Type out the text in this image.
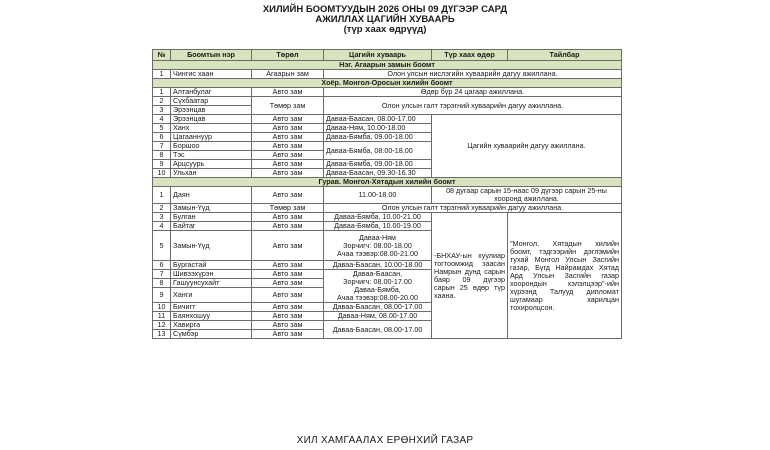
ХИЛИЙН БООМТУУДЫН 2026 ОНЫ 09 ДҮГЭЭР САРД
АЖИЛЛАХ ЦАГИЙН ХУВААРЬ
(түр хаах өдрүүд)
№	Боомтын нэр	Төрөл	Цагийн хуваарь	Түр хаах өдөр	Тайлбар
Нэг. Агаарын замын боомт					
1	Чингис хаан	Агаарын зам	Олон улсын нислэгийн хуваарийн дагуу ажиллана.		
Хоёр. Монгол-Оросын хилийн боомт					
1	Алтанбулаг	Авто зам	Өдөр бүр 24 цагаар ажиллана.		
2	Сүхбаатар	Төмөр зам	Олон улсын галт тэрэгний хуваарийн дагуу ажиллана.		
3	Эрээнцав				
4	Эрээнцав	Авто зам	Даваа-Баасан, 08.00-17.00	Цагийн хуваарийн дагуу ажиллана.	
5	Ханх	Авто зам	Даваа-Ням, 10.00-18.00		
6	Цагааннуур	Авто зам	Даваа-Бямба, 09.00-18.00		
7	Боршоо	Авто зам	Даваа-Бямба, 08.00-18.00		
8	Тэс	Авто зам			
9	Арцсуурь	Авто зам	Даваа-Бямба, 09.00-18.00		
10	Ульхан	Авто зам	Даваа-Баасан, 09.30-16.30		
Гурав. Монгол-Хятадын хилийн боомт					
1	Даян	Авто зам	11.00-18.00	08 дугаар сарын 15-наас 09 дүгээр сарын 25-ны хооронд ажиллана.	
2	Замын-Үүд	Төмөр зам	Олон улсын галт тэрэгний хуваарийн дагуу ажиллана.		
3	Булган	Авто зам	Даваа-Бямба, 10.00-21.00	-БНХАУ-ын хуулиар тогтоомжид заасан Намрын дунд сарын баяр 09 дүгээр сарын 25 өдөр түр хаана.	"Монгол, Хятадын хилийн боомт, тэдгээрийн дэглэмийн тухай Монгол Улсын Засгийн газар, Бүгд Найрамдах Хятад Ард Улсын Засгийн газар хоорондын хэлэлцээр"-ийн хүрээнд Талууд дипломат шугамаар харилцан тохиролцсон.
4	Байтаг	Авто зам	Даваа-Бямба, 10.00-19.00		
5	Замын-Үүд	Авто зам	Даваа-Ням
Зорчигч: 08.00-18.00
Ачаа тээвэр:08.00-21.00		

6	Бургастай	Авто зам	Даваа-Баасан, 10.00-18.00		
7	Шивээхүрэн	Авто зам	Даваа-Баасан,
Зорчигч: 08.00-17.00
Даваа-Бямба,
Ачаа тээвэр:08.00-20.00		

8	Гашуунсухайт	Авто зам			
9	Ханги	Авто зам			
10	Бичигт	Авто зам	Даваа-Баасан, 08.00-17.00		
11	Баянхошуу	Авто зам	Даваа-Ням, 08.00-17.00		
12	Хавирга	Авто зам	Даваа-Баасан, 08.00-17.00		
13	Сүмбэр	Авто зам			
ХИЛ ХАМГААЛАХ ЕРӨНХИЙ ГАЗАР
